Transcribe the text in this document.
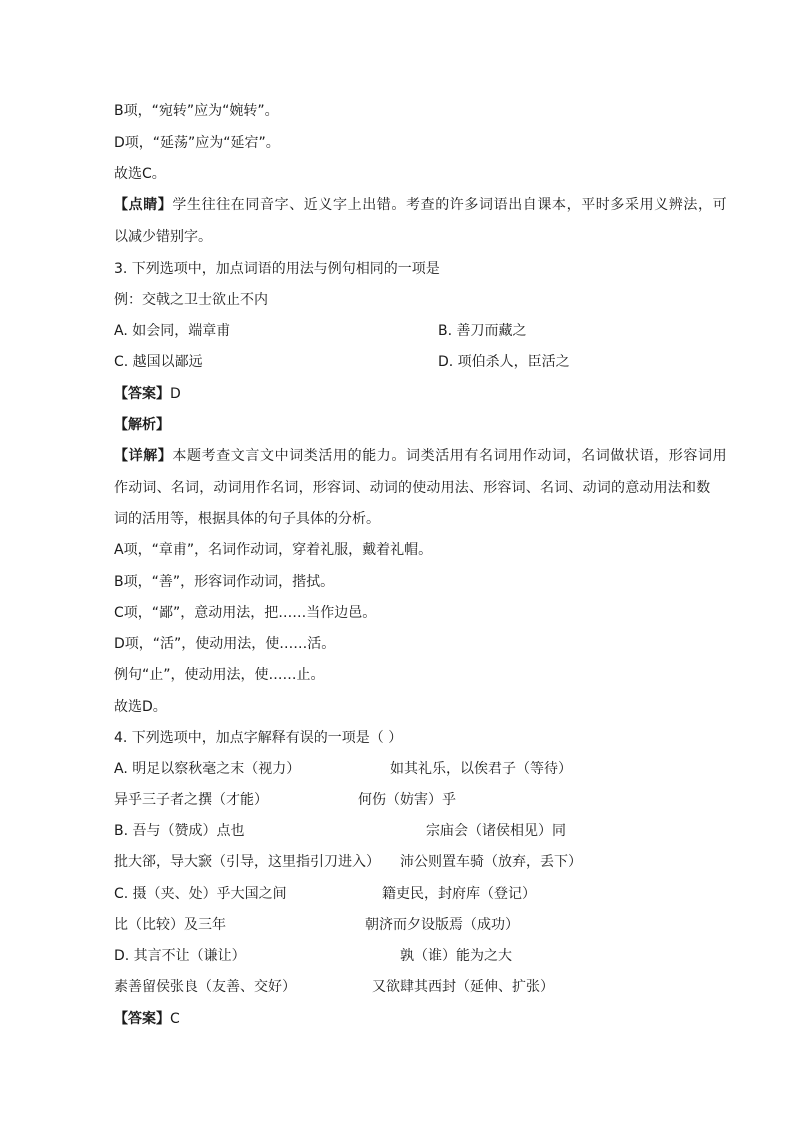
B项，“宛转”应为“婉转”。
D项，“延荡”应为“延宕”。
故选C。
【点睛】学生往往在同音字、近义字上出错。考查的许多词语出自课本，平时多采用义辨法，可
以减少错别字。
3. 下列选项中，加点词语的用法与例句相同的一项是
例：交戟之卫士欲止不内
A. 如会同，端章甫	B. 善刀而藏之
C. 越国以鄙远	D. 项伯杀人，臣活之
【答案】D
【解析】
【详解】本题考查文言文中词类活用的能力。词类活用有名词用作动词，名词做状语，形容词用
作动词、名词，动词用作名词，形容词、动词的使动用法、形容词、名词、动词的意动用法和数
词的活用等，根据具体的句子具体的分析。
A项，“章甫”，名词作动词，穿着礼服，戴着礼帽。
B项，“善”，形容词作动词，揩拭。
C项，“鄙”，意动用法，把……当作边邑。
D项，“活”，使动用法，使……活。
例句“止”，使动用法，使……止。
故选D。
4. 下列选项中，加点字解释有误的一项是（ ）
A. 明足以察秋毫之末（视力）	如其礼乐，以俟君子（等待）
异乎三子者之撰（才能）	何伤（妨害）乎
B. 吾与（赞成）点也	宗庙会（诸侯相见）同
批大郤，导大窾（引导，这里指引刀进入） 沛公则置车骑（放弃，丢下）
C. 摄（夹、处）乎大国之间	籍吏民，封府库（登记）
比（比较）及三年	朝济而夕设版焉（成功）
D. 其言不让（谦让）	孰（谁）能为之大
素善留侯张良（友善、交好）	又欲肆其西封（延伸、扩张）
【答案】C
